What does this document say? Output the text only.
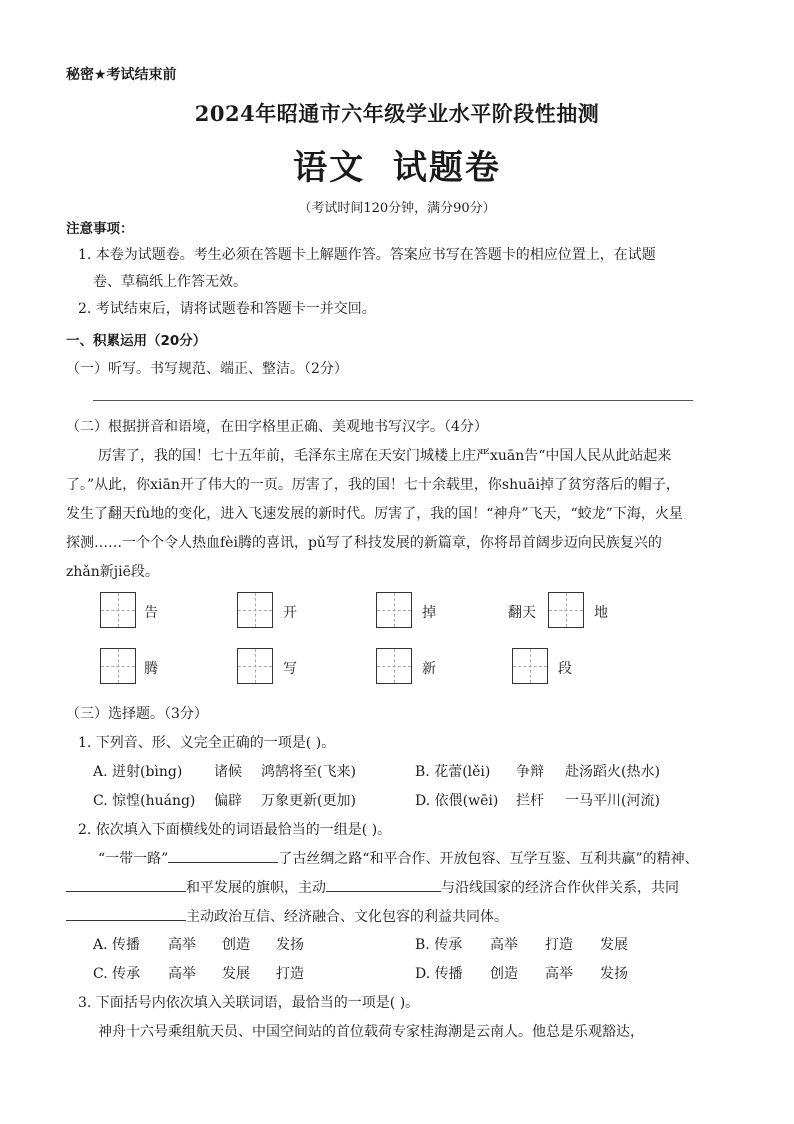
秘密★考试结束前
2024年昭通市六年级学业水平阶段性抽测
语文  试题卷
（考试时间120分钟，满分90分）
注意事项：
1. 本卷为试题卷。考生必须在答题卡上解题作答。答案应书写在答题卡的相应位置上，在试题
卷、草稿纸上作答无效。
2. 考试结束后，请将试题卷和答题卡一并交回。
一、积累运用（20分）
（一）听写。书写规范、端正、整洁。（2分）
（二）根据拼音和语境，在田字格里正确、美观地书写汉字。（4分）
厉害了，我的国！七十五年前，毛泽东主席在天安门城楼上庄严xuān告“中国人民从此站起来
了。”从此，你xiān开了伟大的一页。厉害了，我的国！七十余载里，你shuāi掉了贫穷落后的帽子，
发生了翻天fù地的变化，进入飞速发展的新时代。厉害了，我的国！“神舟”飞天，“蛟龙”下海，火星
探测……一个个令人热血fèi腾的喜讯，pǔ写了科技发展的新篇章，你将昂首阔步迈向民族复兴的
zhǎn新jiē段。
告	开	掉	翻天	地
腾	写	新	段
（三）选择题。（3分）
1. 下列音、形、义完全正确的一项是( )。
A. 迸射(bìng) 诸候 鸿鹄将至(飞来)	B. 花蕾(lěi) 争辩 赴汤蹈火(热水)
C. 惊惶(huáng) 偏辟 万象更新(更加)	D. 依偎(wēi) 拦杆 一马平川(河流)
2. 依次填入下面横线处的词语最恰当的一组是( )。
“一带一路”	了古丝绸之路“和平合作、开放包容、互学互鉴、互利共赢”的精神、
和平发展的旗帜，主动	与沿线国家的经济合作伙伴关系，共同
主动政治互信、经济融合、文化包容的利益共同体。
A. 传播 高举 创造 发扬	B. 传承 高举 打造 发展
C. 传承 高举 发展 打造	D. 传播 创造 高举 发扬
3. 下面括号内依次填入关联词语，最恰当的一项是( )。
神舟十六号乘组航天员、中国空间站的首位载荷专家桂海潮是云南人。他总是乐观豁达，
